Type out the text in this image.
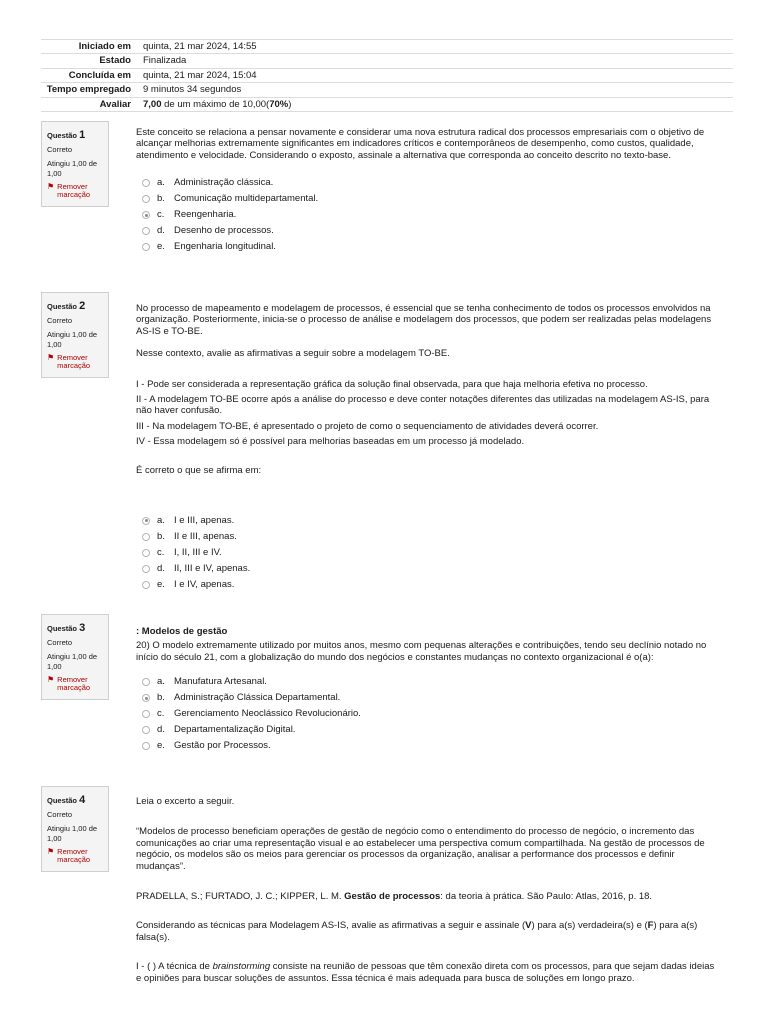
Iniciado em	quinta, 21 mar 2024, 14:55
Estado	Finalizada
Concluída em	quinta, 21 mar 2024, 15:04
Tempo empregado	9 minutos 34 segundos
Avaliar	7,00 de um máximo de 10,00(70%)
Questão 1
Correto
Atingiu 1,00 de 1,00
⚑ Remover marcação

Este conceito se relaciona a pensar novamente e considerar uma nova estrutura radical dos processos empresariais com o objetivo de alcançar melhorias extremamente significantes em indicadores críticos e contemporâneos de desempenho, como custos, qualidade, atendimento e velocidade. Considerando o exposto, assinale a alternativa que corresponda ao conceito descrito no texto-base.

a. Administração clássica.
b. Comunicação multidepartamental.
c.	Reengenharia.
d. Desenho de processos.
e. Engenharia longitudinal.
Questão 2
Correto
Atingiu 1,00 de 1,00
⚑ Remover marcação

No processo de mapeamento e modelagem de processos, é essencial que se tenha conhecimento de todos os processos envolvidos na organização. Posteriormente, inicia-se o processo de análise e modelagem dos processos, que podem ser realizadas pelas modelagens AS-IS e TO-BE.

Nesse contexto, avalie as afirmativas a seguir sobre a modelagem TO-BE.

I - Pode ser considerada a representação gráfica da solução final observada, para que haja melhoria efetiva no processo.

II - A modelagem TO-BE ocorre após a análise do processo e deve conter notações diferentes das utilizadas na modelagem AS-IS, para não haver confusão.

III - Na modelagem TO-BE, é apresentado o projeto de como o sequenciamento de atividades deverá ocorrer.

IV - Essa modelagem só é possível para melhorias baseadas em um processo já modelado.

É correto o que se afirma em:

a. I e III, apenas.
b. II e III, apenas.
c.	I, II, III e IV.
d. II, III e IV, apenas.
e. I e IV, apenas.
Questão 3
Correto
Atingiu 1,00 de 1,00
⚑ Remover marcação

: Modelos de gestão

20) O modelo extremamente utilizado por muitos anos, mesmo com pequenas alterações e contribuições, tendo seu declínio notado no início do século 21, com a globalização do mundo dos negócios e constantes mudanças no contexto organizacional é o(a):

a. Manufatura Artesanal.
b. Administração Clássica Departamental.
c.	Gerenciamento Neoclássico Revolucionário.
d. Departamentalização Digital.
e. Gestão por Processos.
Questão 4
Correto
Atingiu 1,00 de 1,00
⚑ Remover marcação

Leia o excerto a seguir.

“Modelos de processo beneficiam operações de gestão de negócio como o entendimento do processo de negócio, o incremento das comunicações ao criar uma representação visual e ao estabelecer uma perspectiva comum compartilhada. Na gestão de processos de negócio, os modelos são os meios para gerenciar os processos da organização, analisar a performance dos processos e definir mudanças”.

PRADELLA, S.; FURTADO, J. C.; KIPPER, L. M. Gestão de processos: da teoria à prática. São Paulo: Atlas, 2016, p. 18.

Considerando as técnicas para Modelagem AS-IS, avalie as afirmativas a seguir e assinale (V) para a(s) verdadeira(s) e (F) para a(s) falsa(s).

I - ( ) A técnica de brainstorming consiste na reunião de pessoas que têm conexão direta com os processos, para que sejam dadas ideias e opiniões para buscar soluções de assuntos. Essa técnica é mais adequada para busca de soluções em longo prazo.
